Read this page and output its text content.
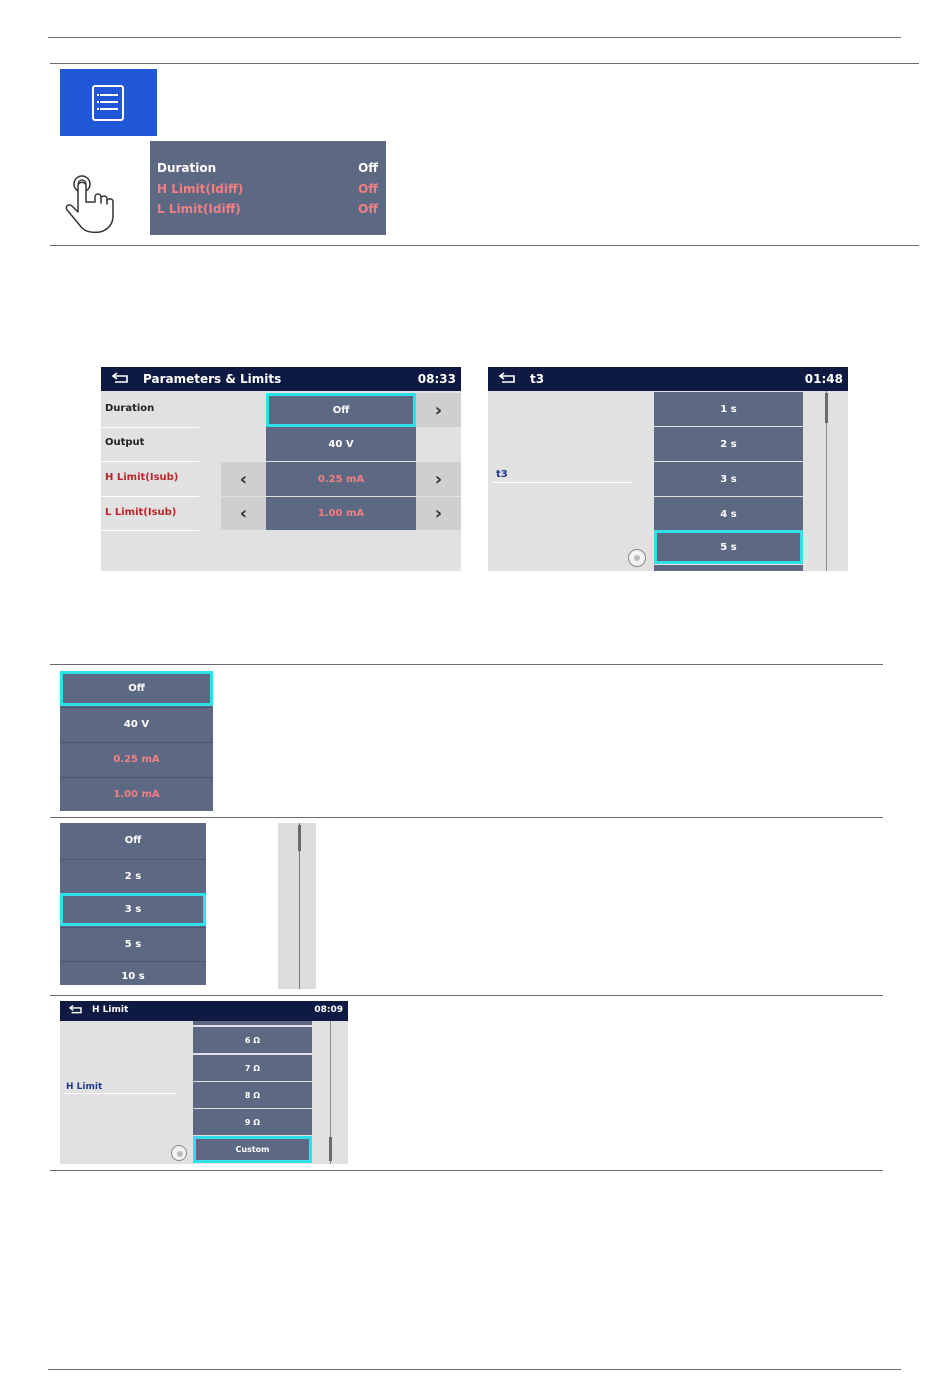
Duration	Off
H Limit(Idiff)	Off
L Limit(Idiff)	Off
Parameters & Limits	08:33
Duration	Off	›
Output	40 V
H Limit(Isub)	‹	0.25 mA	›
L Limit(Isub)	‹	1.00 mA	›
t3	01:48
t3
1 s
2 s
3 s
4 s
5 s
Off
40 V
0.25 mA
1.00 mA
Off
2 s
3 s
5 s
10 s
H Limit	08:09
H Limit
6 Ω
7 Ω
8 Ω
9 Ω
Custom
